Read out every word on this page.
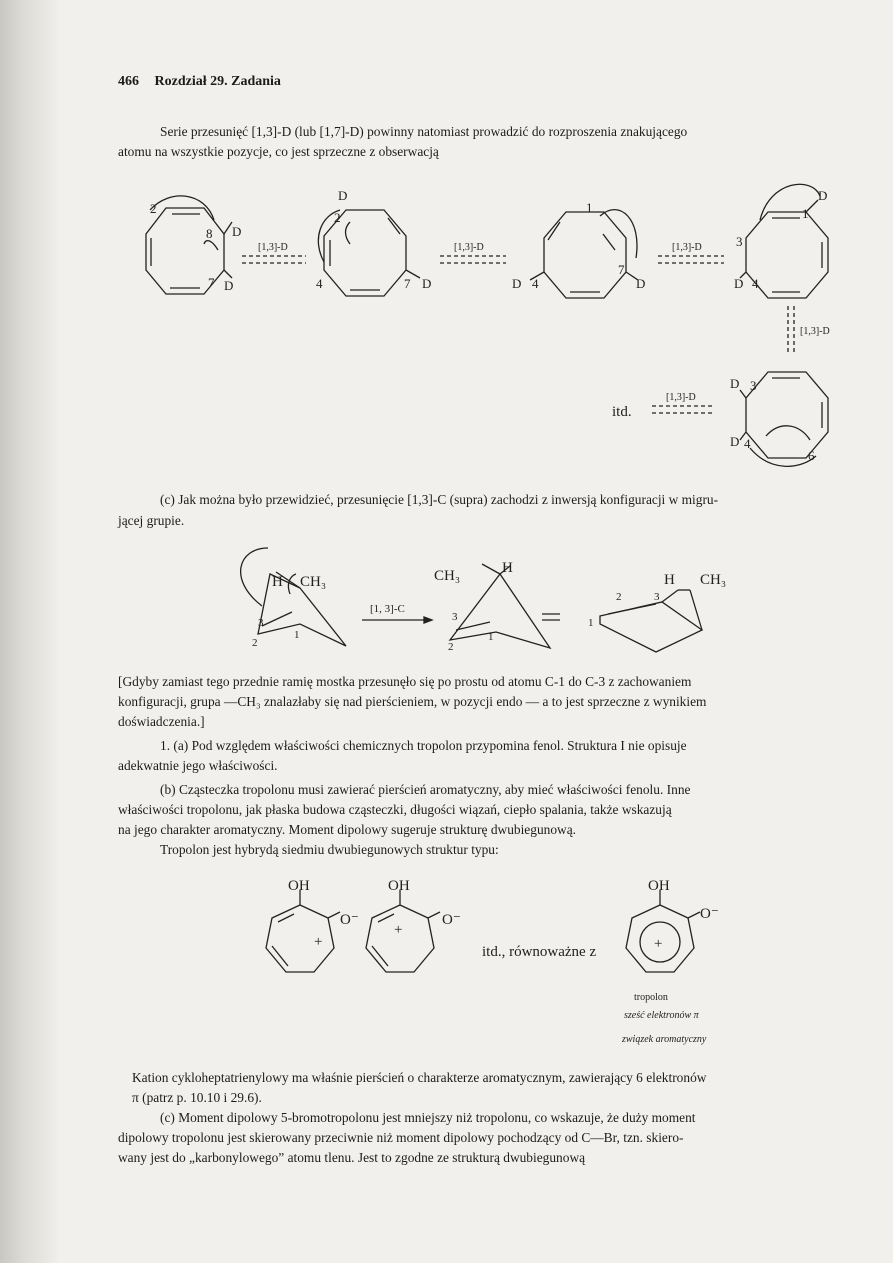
466 Rozdział 29. Zadania
Serie przesunięć [1,3]-D (lub [1,7]-D) powinny natomiast prowadzić do rozproszenia znakującego
atomu na wszystkie pozycje, co jest sprzeczne z obserwacją
2
8 D
7 D
D
2
4	7 D
1
D 4
7
D
3
D 4
1
D
D 3
D 4
6
[1,3]-D	[1,3]-D	[1,3]-D
[1,3]-D
[1,3]-D
itd.
(c) Jak można było przewidzieć, przesunięcie [1,3]-C (supra) zachodzi z inwersją konfiguracji w migru-
jącej grupie.
H CH₃	CH₃	H
H CH₃
[1, 3]-C
3
2
1
3
2
1
2	3
1
[Gdyby zamiast tego przednie ramię mostka przesunęło się po prostu od atomu C-1 do C-3 z zachowaniem
konfiguracji, grupa —CH₃ znalazłaby się nad pierścieniem, w pozycji endo — a to jest sprzeczne z wynikiem
doświadczenia.]
1. (a) Pod względem właściwości chemicznych tropolon przypomina fenol. Struktura I nie opisuje
adekwatnie jego właściwości.
(b) Cząsteczka tropolonu musi zawierać pierścień aromatyczny, aby mieć właściwości fenolu. Inne
właściwości tropolonu, jak płaska budowa cząsteczki, długości wiązań, ciepło spalania, także wskazują
na jego charakter aromatyczny. Moment dipolowy sugeruje strukturę dwubiegunową.
Tropolon jest hybrydą siedmiu dwubiegunowych struktur typu:
OH
O⁻
+
OH
O⁻
+
OH
O⁻
+
itd., równoważne z
tropolon
sześć elektronów π
związek aromatyczny
Kation cykloheptatrienylowy ma właśnie pierścień o charakterze aromatycznym, zawierający 6 elektronów
π (patrz p. 10.10 i 29.6).
(c) Moment dipolowy 5-bromotropolonu jest mniejszy niż tropolonu, co wskazuje, że duży moment
dipolowy tropolonu jest skierowany przeciwnie niż moment dipolowy pochodzący od C—Br, tzn. skiero-
wany jest do „karbonylowego” atomu tlenu. Jest to zgodne ze strukturą dwubiegunową
